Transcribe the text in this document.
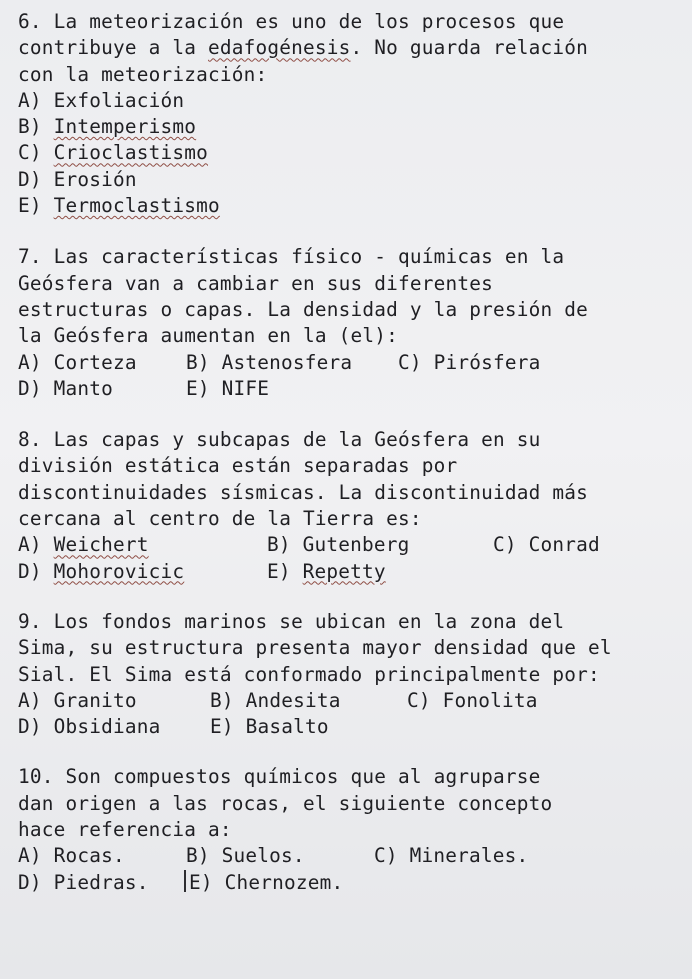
6. La meteorización es uno de los procesos que
contribuye a la edafogénesis. No guarda relación
con la meteorización:
A) Exfoliación
B) Intemperismo
C) Crioclastismo
D) Erosión
E) Termoclastismo
7. Las características físico - químicas en la
Geósfera van a cambiar en sus diferentes
estructuras o capas. La densidad y la presión de
la Geósfera aumentan en la (el):
A) Corteza	B) Astenosfera	C) Pirósfera
D) Manto	E) NIFE
8. Las capas y subcapas de la Geósfera en su
división estática están separadas por
discontinuidades sísmicas. La discontinuidad más
cercana al centro de la Tierra es:
A) Weichert	B) Gutenberg	C) Conrad
D) Mohorovicic	E) Repetty
9. Los fondos marinos se ubican en la zona del
Sima, su estructura presenta mayor densidad que el
Sial. El Sima está conformado principalmente por:
A) Granito	B) Andesita	C) Fonolita
D) Obsidiana	E) Basalto
10. Son compuestos químicos que al agruparse
dan origen a las rocas, el siguiente concepto
hace referencia a:
A) Rocas.	B) Suelos.	C) Minerales.
D) Piedras.	E) Chernozem.
